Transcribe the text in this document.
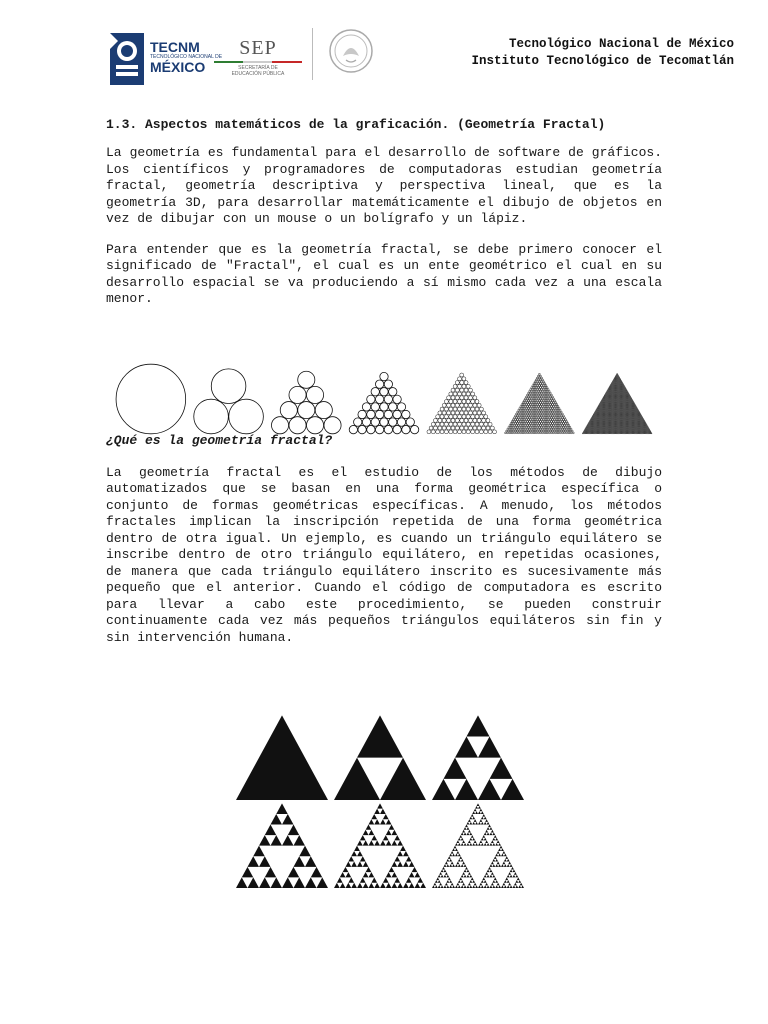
TECNM
TECNOLÓGICO NACIONAL DE
MÉXICO
SEP
SECRETARÍA DE
EDUCACIÓN PÚBLICA
Tecnológico Nacional de México
Instituto Tecnológico de Tecomatlán
1.3. Aspectos matemáticos de la graficación. (Geometría Fractal)

La geometría es fundamental para el desarrollo de software de gráficos. Los científicos y programadores de computadoras estudian geometría fractal, geometría descriptiva y perspectiva lineal, que es la geometría 3D, para desarrollar matemáticamente el dibujo de objetos en vez de dibujar con un mouse o un bolígrafo y un lápiz.

Para entender que es la geometría fractal, se debe primero conocer el significado de "Fractal", el cual es un ente geométrico el cual en su desarrollo espacial se va produciendo a sí mismo cada vez a una escala menor.

¿Qué es la geometría fractal?

La geometría fractal es el estudio de los métodos de dibujo automatizados que se basan en una forma geométrica específica o conjunto de formas geométricas específicas. A menudo, los métodos fractales implican la inscripción repetida de una forma geométrica dentro de otra igual. Un ejemplo, es cuando un triángulo equilátero se inscribe dentro de otro triángulo equilátero, en repetidas ocasiones, de manera que cada triángulo equilátero inscrito es sucesivamente más pequeño que el anterior. Cuando el código de computadora es escrito para llevar a cabo este procedimiento, se pueden construir continuamente cada vez más pequeños triángulos equiláteros sin fin y sin intervención humana.
